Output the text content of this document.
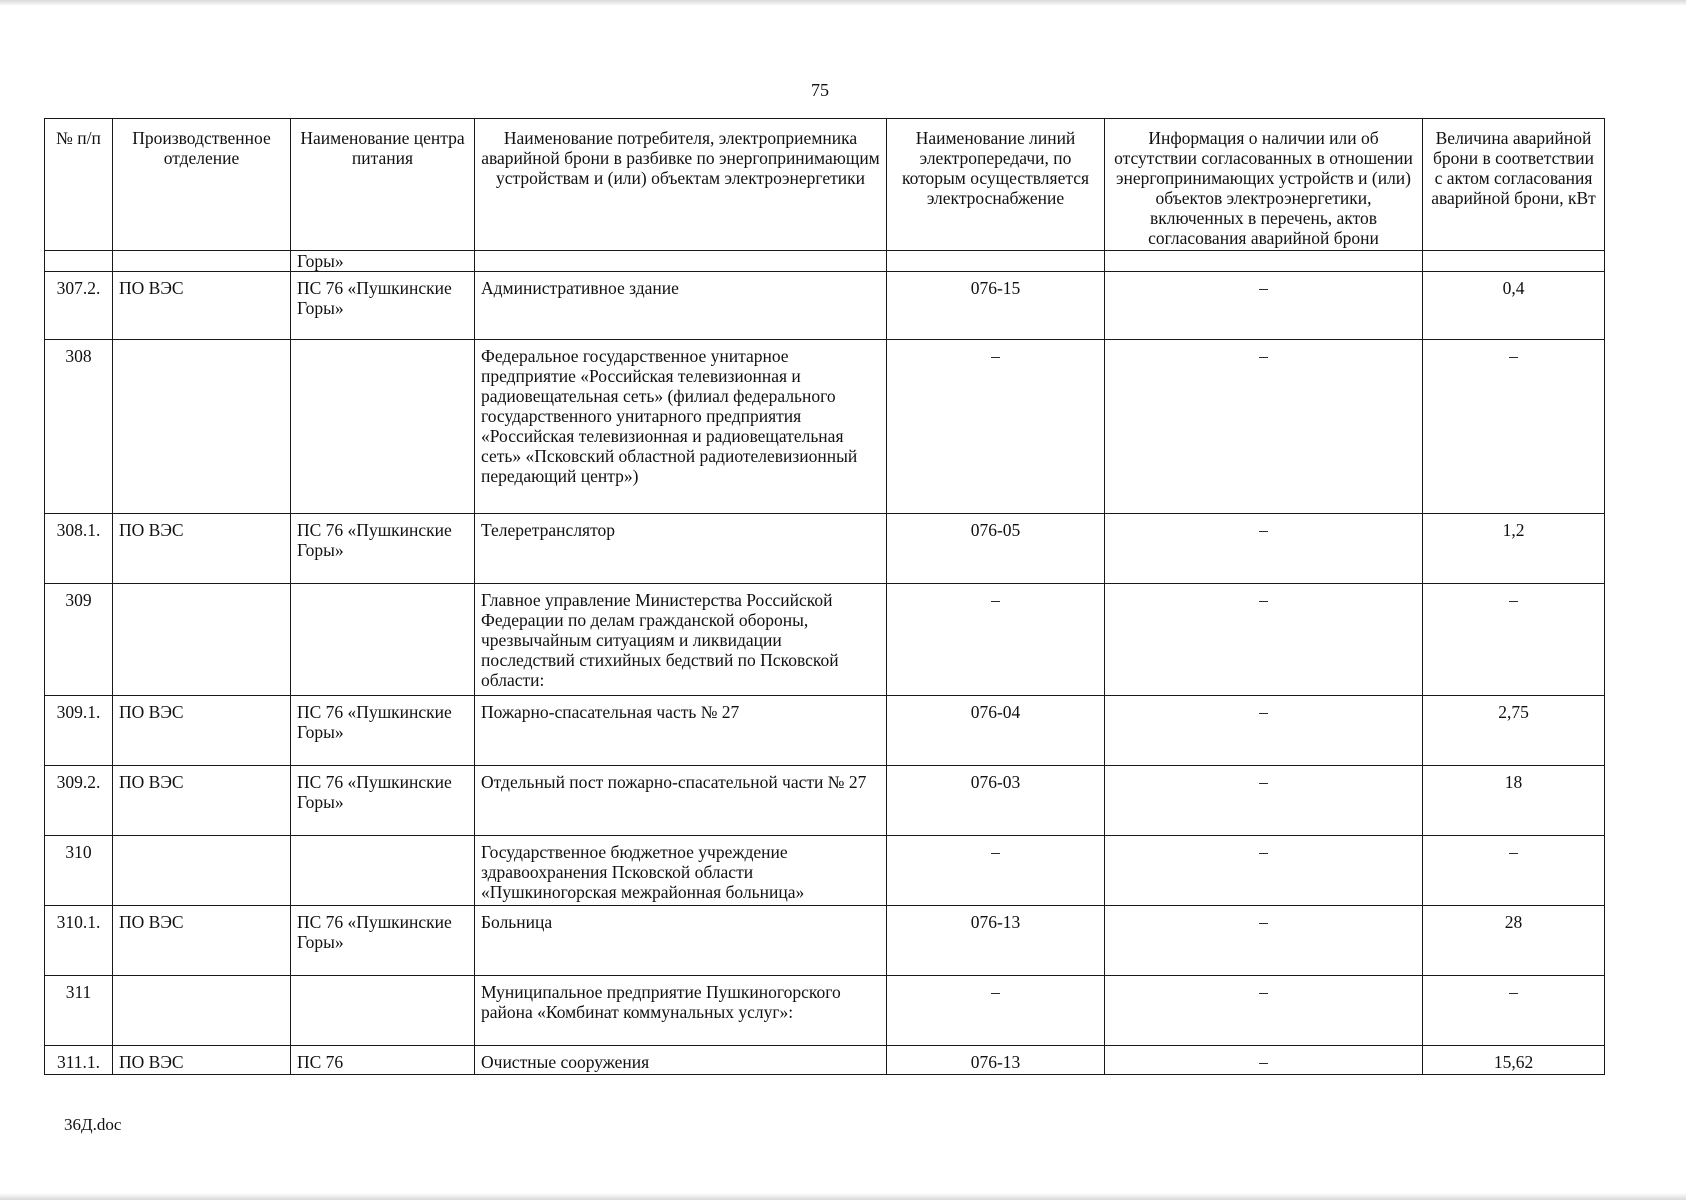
75
№ п/п	Производственное отделение	Наименование центра питания	Наименование потребителя, электроприемника аварийной брони в разбивке по энергопринимающим устройствам и (или) объектам электроэнергетики	Наименование линий электропередачи, по которым осуществляется электроснабжение	Информация о наличии или об отсутствии согласованных в отношении энергопринимающих устройств и (или) объектов электроэнергетики, включенных в перечень, актов согласования аварийной брони	Величина аварийной брони в соответствии с актом согласования аварийной брони, кВт
		Горы»				
307.2.	ПО ВЭС	ПС 76 «Пушкинские Горы»	Административное здание	076-15	–	0,4
308			Федеральное государственное унитарное предприятие «Российская телевизионная и радиовещательная сеть» (филиал федерального государственного унитарного предприятия «Российская телевизионная и радиовещательная сеть» «Псковский областной радиотелевизионный передающий центр»)	–	–	–
308.1.	ПО ВЭС	ПС 76 «Пушкинские Горы»	Телеретранслятор	076-05	–	1,2
309			Главное управление Министерства Российской Федерации по делам гражданской обороны, чрезвычайным ситуациям и ликвидации последствий стихийных бедствий по Псковской области:	–	–	–
309.1.	ПО ВЭС	ПС 76 «Пушкинские Горы»	Пожарно-спасательная часть № 27	076-04	–	2,75
309.2.	ПО ВЭС	ПС 76 «Пушкинские Горы»	Отдельный пост пожарно-спасательной части № 27	076-03	–	18
310			Государственное бюджетное учреждение здравоохранения Псковской области «Пушкиногорская межрайонная больница»	–	–	–
310.1.	ПО ВЭС	ПС 76 «Пушкинские Горы»	Больница	076-13	–	28
311			Муниципальное предприятие Пушкиногорского района «Комбинат коммунальных услуг»:	–	–	–
311.1.	ПО ВЭС	ПС 76	Очистные сооружения	076-13	–	15,62
36Д.doc
